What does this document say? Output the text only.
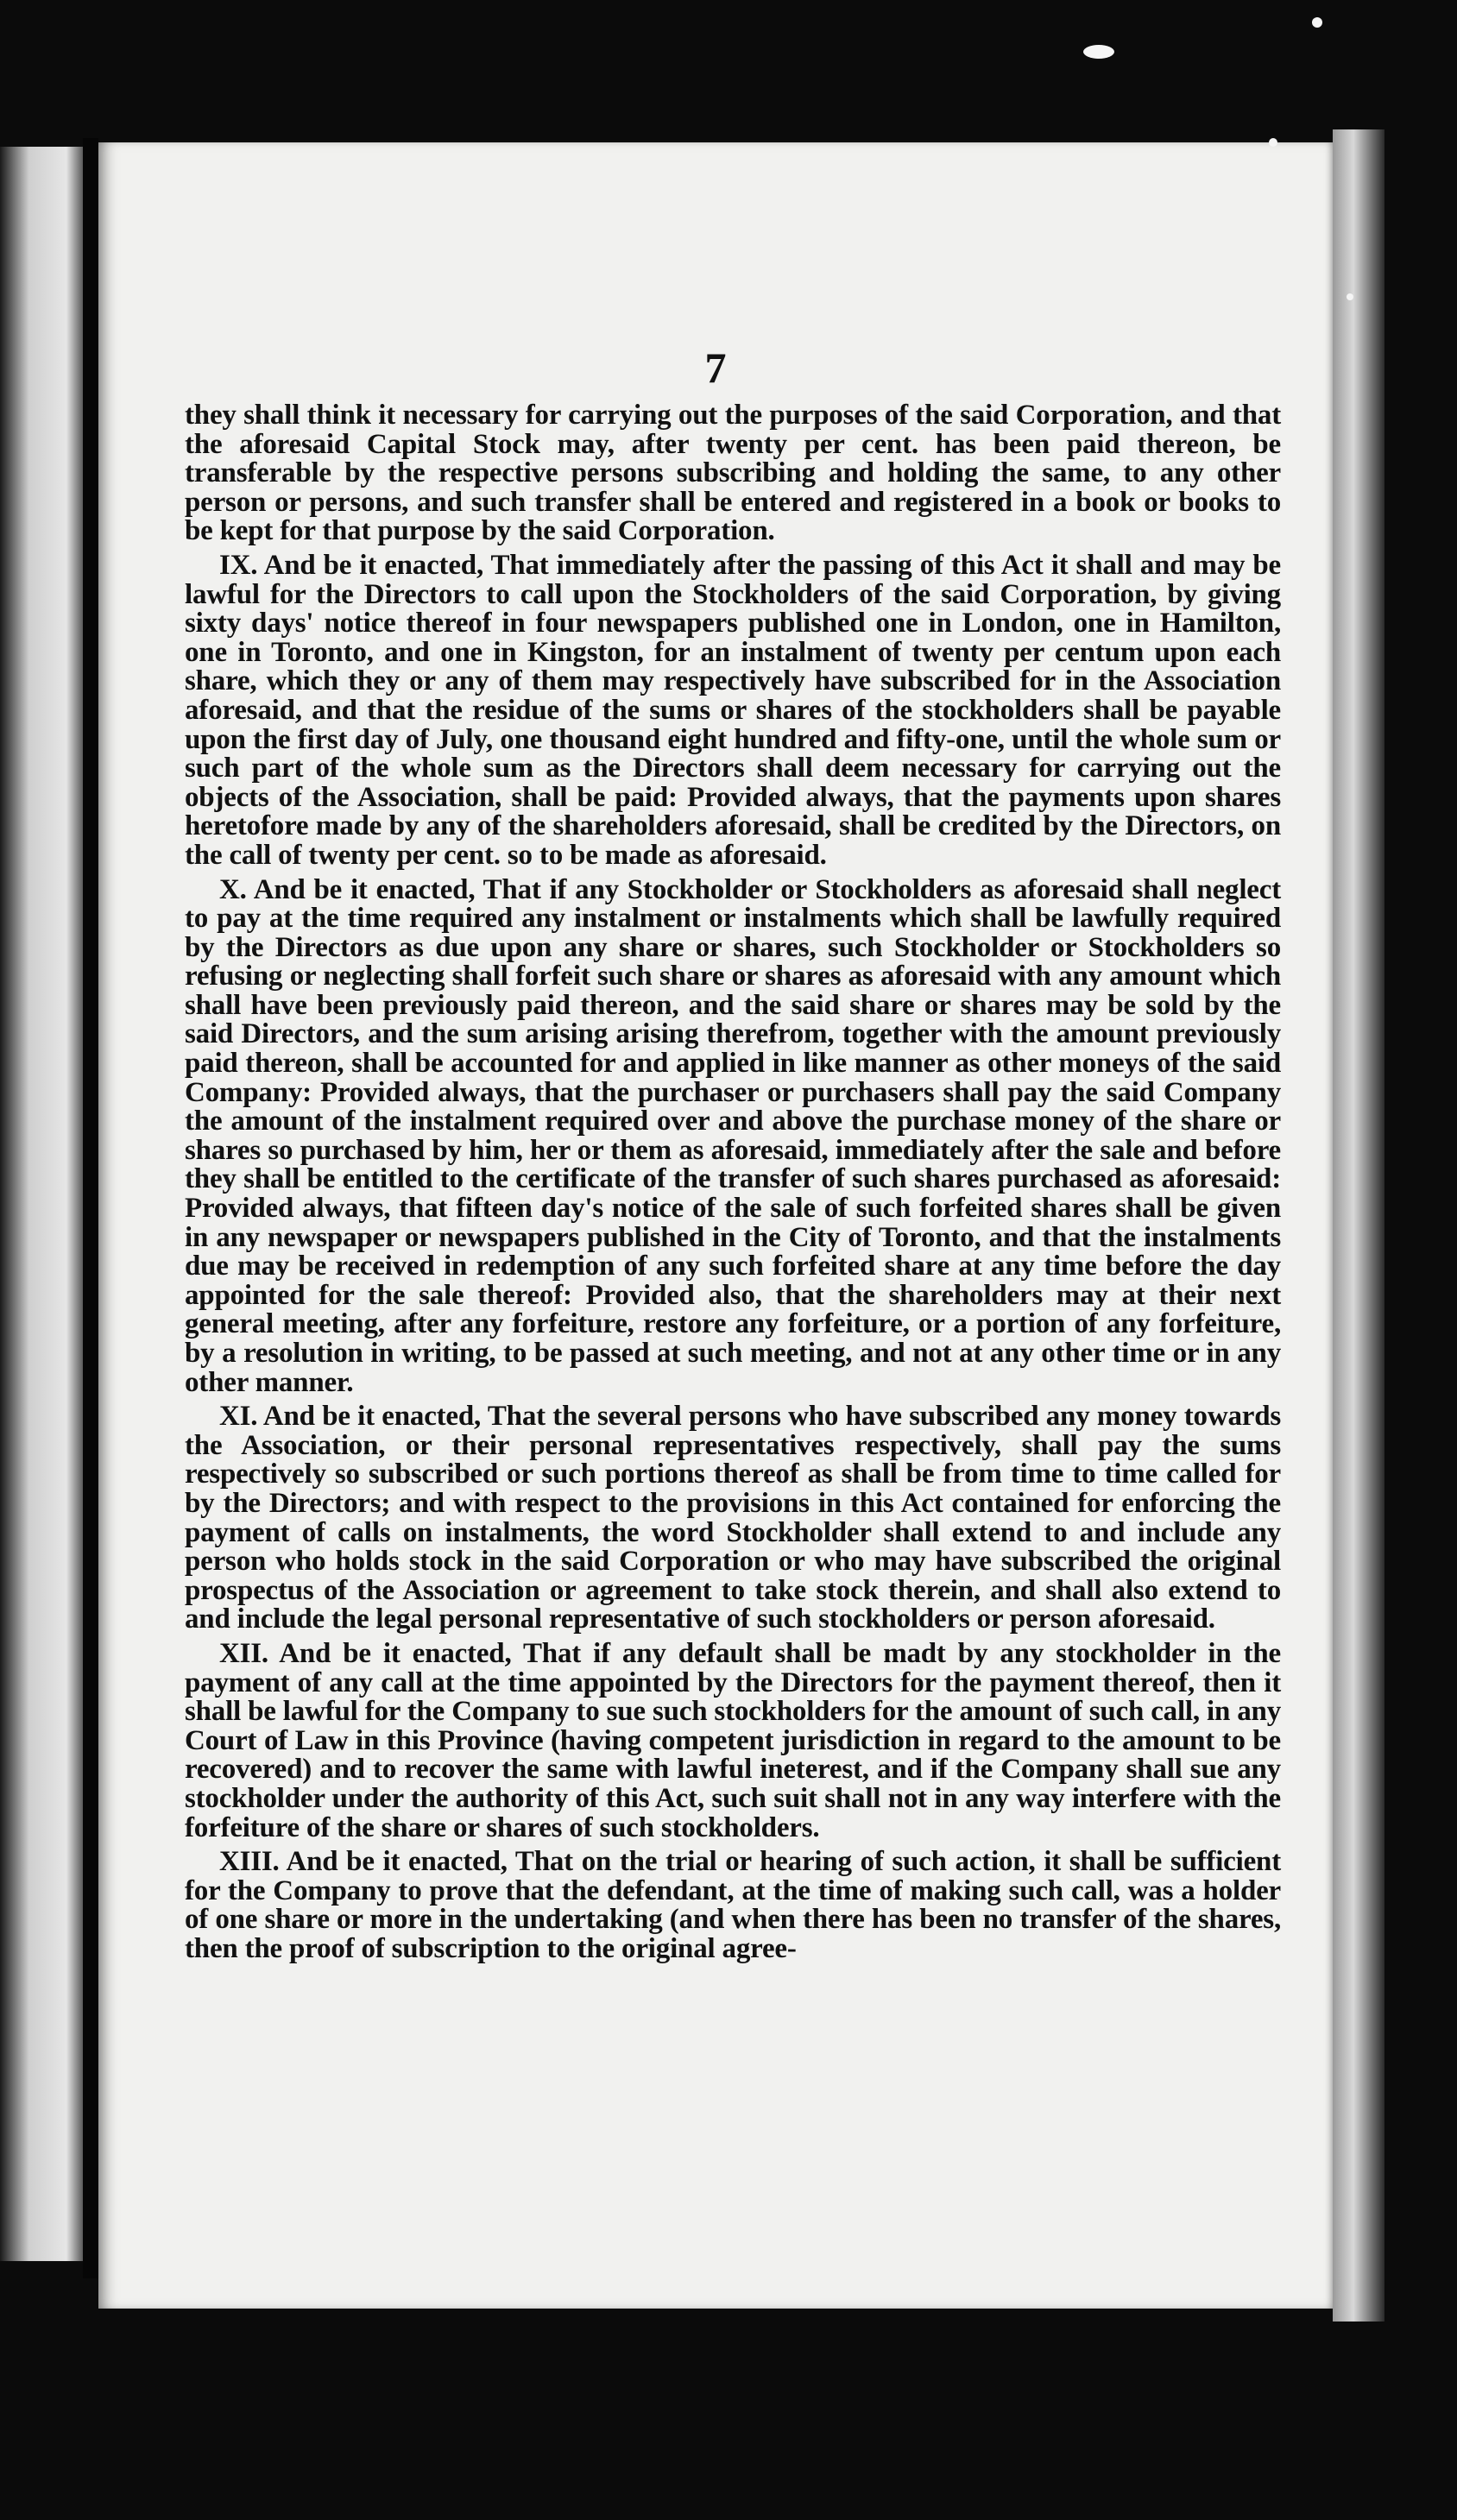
7

they shall think it necessary for carrying out the purposes of the said Corporation, and that the aforesaid Capital Stock may, after twenty per cent. has been paid thereon, be transferable by the respective persons subscribing and holding the same, to any other person or persons, and such transfer shall be entered and registered in a book or books to be kept for that purpose by the said Corporation.

IX. And be it enacted, That immediately after the passing of this Act it shall and may be lawful for the Directors to call upon the Stockholders of the said Corporation, by giving sixty days' notice thereof in four newspapers published one in London, one in Hamilton, one in Toronto, and one in Kingston, for an instalment of twenty per centum upon each share, which they or any of them may respectively have subscribed for in the Association aforesaid, and that the residue of the sums or shares of the stockholders shall be payable upon the first day of July, one thousand eight hundred and fifty-one, until the whole sum or such part of the whole sum as the Directors shall deem necessary for carrying out the objects of the Association, shall be paid: Provided always, that the payments upon shares heretofore made by any of the shareholders aforesaid, shall be credited by the Directors, on the call of twenty per cent. so to be made as aforesaid.

X. And be it enacted, That if any Stockholder or Stockholders as aforesaid shall neglect to pay at the time required any instalment or instalments which shall be lawfully required by the Directors as due upon any share or shares, such Stockholder or Stockholders so refusing or neglecting shall forfeit such share or shares as aforesaid with any amount which shall have been previously paid thereon, and the said share or shares may be sold by the said Directors, and the sum arising arising therefrom, together with the amount previously paid thereon, shall be accounted for and applied in like manner as other moneys of the said Company: Provided always, that the purchaser or purchasers shall pay the said Company the amount of the instalment required over and above the purchase money of the share or shares so purchased by him, her or them as aforesaid, immediately after the sale and before they shall be entitled to the certificate of the transfer of such shares purchased as aforesaid: Provided always, that fifteen day's notice of the sale of such forfeited shares shall be given in any newspaper or newspapers published in the City of Toronto, and that the instalments due may be received in redemption of any such forfeited share at any time before the day appointed for the sale thereof: Provided also, that the shareholders may at their next general meeting, after any forfeiture, restore any forfeiture, or a portion of any forfeiture, by a resolution in writing, to be passed at such meeting, and not at any other time or in any other manner.

XI. And be it enacted, That the several persons who have subscribed any money towards the Association, or their personal representatives respectively, shall pay the sums respectively so subscribed or such portions thereof as shall be from time to time called for by the Directors; and with respect to the provisions in this Act contained for enforcing the payment of calls on instalments, the word Stockholder shall extend to and include any person who holds stock in the said Corporation or who may have subscribed the original prospectus of the Association or agreement to take stock therein, and shall also extend to and include the legal personal representative of such stockholders or person aforesaid.

XII. And be it enacted, That if any default shall be madt by any stockholder in the payment of any call at the time appointed by the Directors for the payment thereof, then it shall be lawful for the Company to sue such stockholders for the amount of such call, in any Court of Law in this Province (having competent jurisdiction in regard to the amount to be recovered) and to recover the same with lawful ineterest, and if the Company shall sue any stockholder under the authority of this Act, such suit shall not in any way interfere with the forfeiture of the share or shares of such stockholders.

XIII. And be it enacted, That on the trial or hearing of such action, it shall be sufficient for the Company to prove that the defendant, at the time of making such call, was a holder of one share or more in the undertaking (and when there has been no transfer of the shares, then the proof of subscription to the original agree-
